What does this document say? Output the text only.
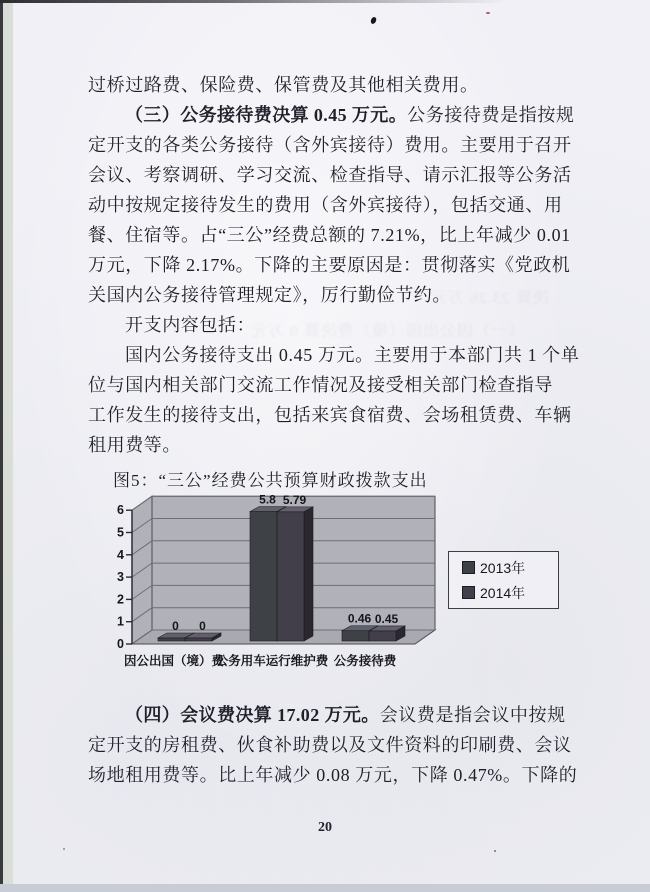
决算 23.26 万元
（一）因公出国（境）费决算 0 万元
过桥过路费、保险费、保管费及其他相关费用。
（三）公务接待费决算 0.45 万元。公务接待费是指按规
定开支的各类公务接待（含外宾接待）费用。主要用于召开
会议、考察调研、学习交流、检查指导、请示汇报等公务活
动中按规定接待发生的费用（含外宾接待），包括交通、用
餐、住宿等。占“三公”经费总额的 7.21%，比上年减少 0.01
万元，下降 2.17%。下降的主要原因是：贯彻落实《党政机
关国内公务接待管理规定》，厉行勤俭节约。
开支内容包括：
国内公务接待支出 0.45 万元。主要用于本部门共 1 个单
位与国内相关部门交流工作情况及接受相关部门检查指导
工作发生的接待支出，包括来宾食宿费、会场租赁费、车辆
租用费等。
图5：“三公”经费公共预算财政拨款支出
0
1
2
3
4
5
6
0 0
因公出国（境）费
5.8 5.79
公务用车运行维护费
0.46 0.45
公务接待费
2013年
2014年
（四）会议费决算 17.02 万元。会议费是指会议中按规
定开支的房租费、伙食补助费以及文件资料的印刷费、会议
场地租用费等。比上年减少 0.08 万元，下降 0.47%。下降的
20
